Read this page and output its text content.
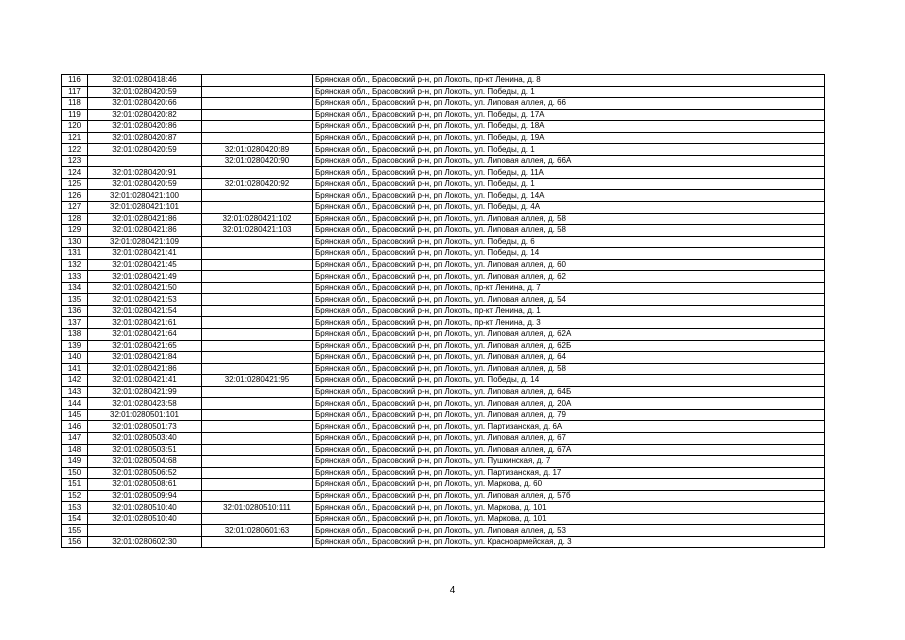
116	32:01:0280418:46		Брянская обл., Брасовский р-н, рп Локоть, пр-кт Ленина, д. 8
117	32:01:0280420:59		Брянская обл., Брасовский р-н, рп Локоть, ул. Победы, д. 1
118	32:01:0280420:66		Брянская обл., Брасовский р-н, рп Локоть, ул. Липовая аллея, д. 66
119	32:01:0280420:82		Брянская обл., Брасовский р-н, рп Локоть, ул. Победы, д. 17А
120	32:01:0280420:86		Брянская обл., Брасовский р-н, рп Локоть, ул. Победы, д. 18А
121	32:01:0280420:87		Брянская обл., Брасовский р-н, рп Локоть, ул. Победы, д. 19А
122	32:01:0280420:59	32:01:0280420:89	Брянская обл., Брасовский р-н, рп Локоть, ул. Победы, д. 1
123		32:01:0280420:90	Брянская обл., Брасовский р-н, рп Локоть, ул. Липовая аллея, д. 66А
124	32:01:0280420:91		Брянская обл., Брасовский р-н, рп Локоть, ул. Победы, д. 11А
125	32:01:0280420:59	32:01:0280420:92	Брянская обл., Брасовский р-н, рп Локоть, ул. Победы, д. 1
126	32:01:0280421:100		Брянская обл., Брасовский р-н, рп Локоть, ул. Победы, д. 14А
127	32:01:0280421:101		Брянская обл., Брасовский р-н, рп Локоть, ул. Победы, д. 4А
128	32:01:0280421:86	32:01:0280421:102	Брянская обл., Брасовский р-н, рп Локоть, ул. Липовая аллея, д. 58
129	32:01:0280421:86	32:01:0280421:103	Брянская обл., Брасовский р-н, рп Локоть, ул. Липовая аллея, д. 58
130	32:01:0280421:109		Брянская обл., Брасовский р-н, рп Локоть, ул. Победы, д. 6
131	32:01:0280421:41		Брянская обл., Брасовский р-н, рп Локоть, ул. Победы, д. 14
132	32:01:0280421:45		Брянская обл., Брасовский р-н, рп Локоть, ул. Липовая аллея, д. 60
133	32:01:0280421:49		Брянская обл., Брасовский р-н, рп Локоть, ул. Липовая аллея, д. 62
134	32:01:0280421:50		Брянская обл., Брасовский р-н, рп Локоть, пр-кт Ленина, д. 7
135	32:01:0280421:53		Брянская обл., Брасовский р-н, рп Локоть, ул. Липовая аллея, д. 54
136	32:01:0280421:54		Брянская обл., Брасовский р-н, рп Локоть, пр-кт Ленина, д. 1
137	32:01:0280421:61		Брянская обл., Брасовский р-н, рп Локоть, пр-кт Ленина, д. 3
138	32:01:0280421:64		Брянская обл., Брасовский р-н, рп Локоть, ул. Липовая аллея, д. 62А
139	32:01:0280421:65		Брянская обл., Брасовский р-н, рп Локоть, ул. Липовая аллея, д. 62Б
140	32:01:0280421:84		Брянская обл., Брасовский р-н, рп Локоть, ул. Липовая аллея, д. 64
141	32:01:0280421:86		Брянская обл., Брасовский р-н, рп Локоть, ул. Липовая аллея, д. 58
142	32:01:0280421:41	32:01:0280421:95	Брянская обл., Брасовский р-н, рп Локоть, ул. Победы, д. 14
143	32:01:0280421:99		Брянская обл., Брасовский р-н, рп Локоть, ул. Липовая аллея, д. 64Б
144	32:01:0280423:58		Брянская обл., Брасовский р-н, рп Локоть, ул. Липовая аллея, д. 20А
145	32:01:0280501:101		Брянская обл., Брасовский р-н, рп Локоть, ул. Липовая аллея, д. 79
146	32:01:0280501:73		Брянская обл., Брасовский р-н, рп Локоть, ул. Партизанская, д. 6А
147	32:01:0280503:40		Брянская обл., Брасовский р-н, рп Локоть, ул. Липовая аллея, д. 67
148	32:01:0280503:51		Брянская обл., Брасовский р-н, рп Локоть, ул. Липовая аллея, д. 67А
149	32:01:0280504:68		Брянская обл., Брасовский р-н, рп Локоть, ул. Пушкинская, д. 7
150	32:01:0280506:52		Брянская обл., Брасовский р-н, рп Локоть, ул. Партизанская, д. 17
151	32:01:0280508:61		Брянская обл., Брасовский р-н, рп Локоть, ул. Маркова, д. 60
152	32:01:0280509:94		Брянская обл., Брасовский р-н, рп Локоть, ул. Липовая аллея, д. 57б
153	32:01:0280510:40	32:01:0280510:111	Брянская обл., Брасовский р-н, рп Локоть, ул. Маркова, д. 101
154	32:01:0280510:40		Брянская обл., Брасовский р-н, рп Локоть, ул. Маркова, д. 101
155		32:01:0280601:63	Брянская обл., Брасовский р-н, рп Локоть, ул. Липовая аллея, д. 53
156	32:01:0280602:30		Брянская обл., Брасовский р-н, рп Локоть, ул. Красноармейская, д. 3
4
